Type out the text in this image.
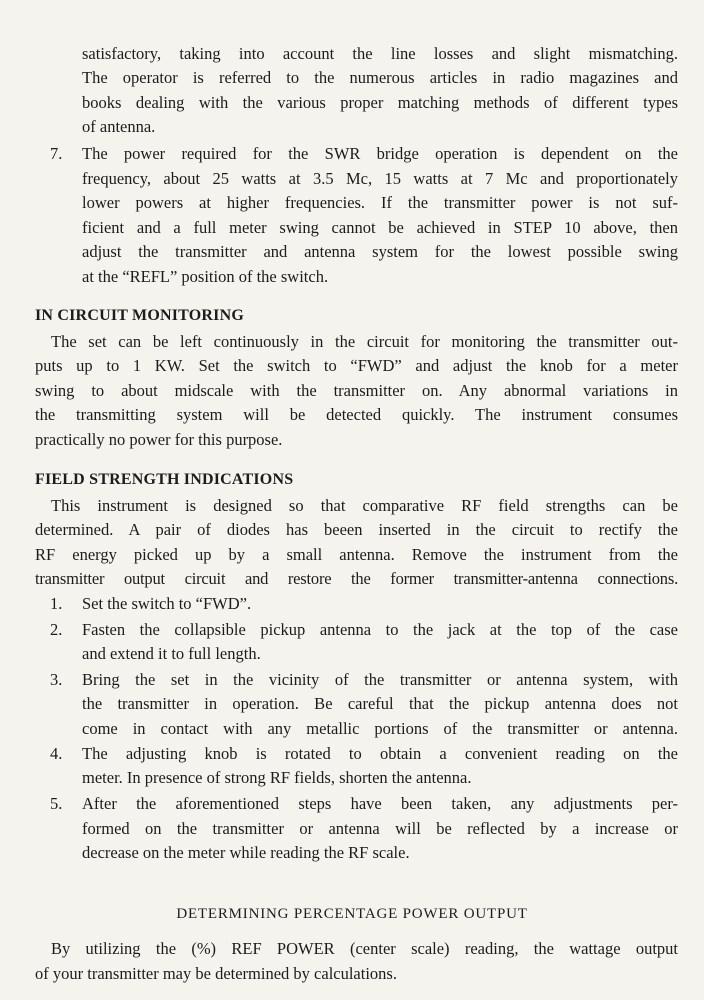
satisfactory, taking into account the line losses and slight mismatching.
The operator is referred to the numerous articles in radio magazines and
books dealing with the various proper matching methods of different types
of antenna.
7. The power required for the SWR bridge operation is dependent on the
frequency, about 25 watts at 3.5 Mc, 15 watts at 7 Mc and proportionately
lower powers at higher frequencies. If the transmitter power is not suf-
ficient and a full meter swing cannot be achieved in STEP 10 above, then
adjust the transmitter and antenna system for the lowest possible swing
at the “REFL” position of the switch.
IN CIRCUIT MONITORING
The set can be left continuously in the circuit for monitoring the transmitter out-
puts up to 1 KW. Set the switch to “FWD” and adjust the knob for a meter
swing to about midscale with the transmitter on. Any abnormal variations in
the transmitting system will be detected quickly. The instrument consumes
practically no power for this purpose.
FIELD STRENGTH INDICATIONS
This instrument is designed so that comparative RF field strengths can be
determined. A pair of diodes has beeen inserted in the circuit to rectify the
RF energy picked up by a small antenna. Remove the instrument from the
transmitter output circuit and restore the former transmitter-antenna connections.
1. Set the switch to “FWD”.
2. Fasten the collapsible pickup antenna to the jack at the top of the case
and extend it to full length.
3. Bring the set in the vicinity of the transmitter or antenna system, with
the transmitter in operation. Be careful that the pickup antenna does not
come in contact with any metallic portions of the transmitter or antenna.
4. The adjusting knob is rotated to obtain a convenient reading on the
meter. In presence of strong RF fields, shorten the antenna.
5. After the aforementioned steps have been taken, any adjustments per-
formed on the transmitter or antenna will be reflected by a increase or
decrease on the meter while reading the RF scale.
DETERMINING PERCENTAGE POWER OUTPUT
By utilizing the (%) REF POWER (center scale) reading, the wattage output
of your transmitter may be determined by calculations.
